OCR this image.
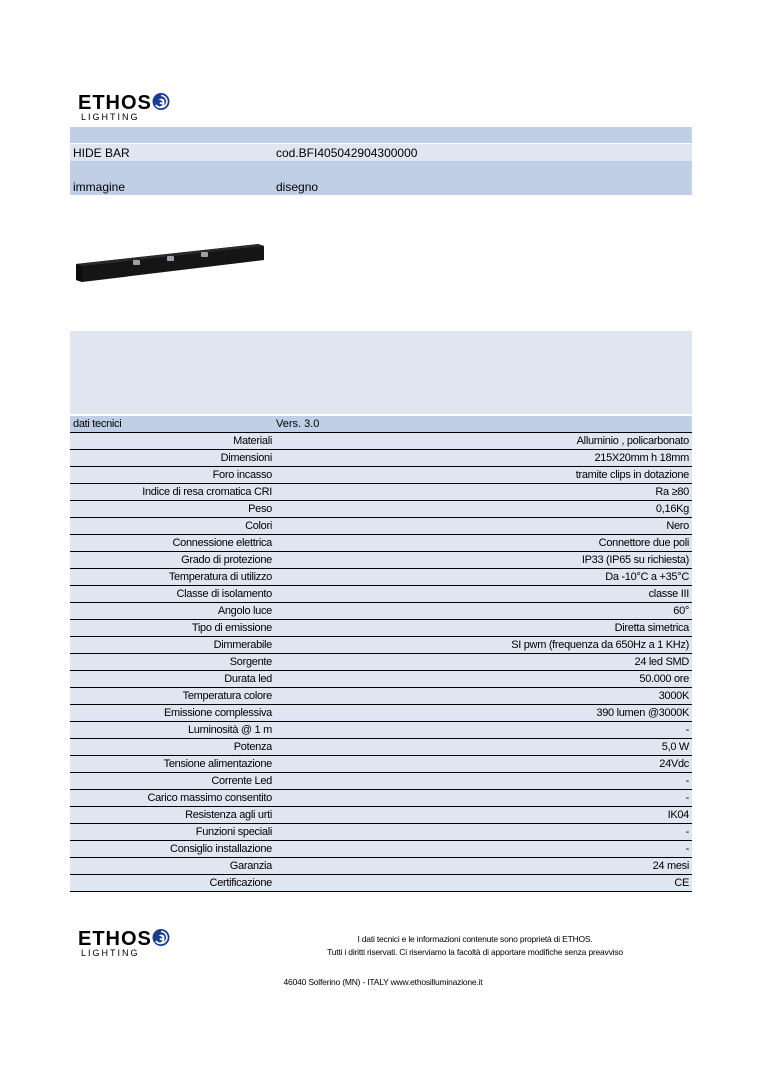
ETHOS
LIGHTING
HIDE BAR	cod.BFI405042904300000
immagine	disegno
dati tecnici	Vers. 3.0
Materiali	Alluminio , policarbonato
Dimensioni	215X20mm h 18mm
Foro incasso	tramite clips in dotazione
Indice di resa cromatica CRI	Ra ≥80
Peso	0,16Kg
Colori	Nero
Connessione elettrica	Connettore due poli
Grado di protezione	IP33 (IP65 su richiesta)
Temperatura di utilizzo	Da -10°C a +35°C
Classe di isolamento	classe III
Angolo luce	60°
Tipo di emissione	Diretta simetrica
Dimmerabile	SI pwm (frequenza da 650Hz a 1 KHz)
Sorgente	24 led SMD
Durata led	50.000 ore
Temperatura colore	3000K
Emissione complessiva	390 lumen @3000K
Luminosità @ 1 m	-
Potenza	5,0 W
Tensione alimentazione	24Vdc
Corrente Led	-
Carico massimo consentito	-
Resistenza agli urti	IK04
Funzioni speciali	-
Consiglio installazione	-
Garanzia	24 mesi
Certificazione	CE
ETHOS
LIGHTING
I dati tecnici e le informazioni contenute sono proprietà di ETHOS.
Tutti i diritti riservati. Ci riserviamo la facoltà di apportare modifiche senza preavviso
46040 Solferino (MN) - ITALY www.ethosilluminazione.it
